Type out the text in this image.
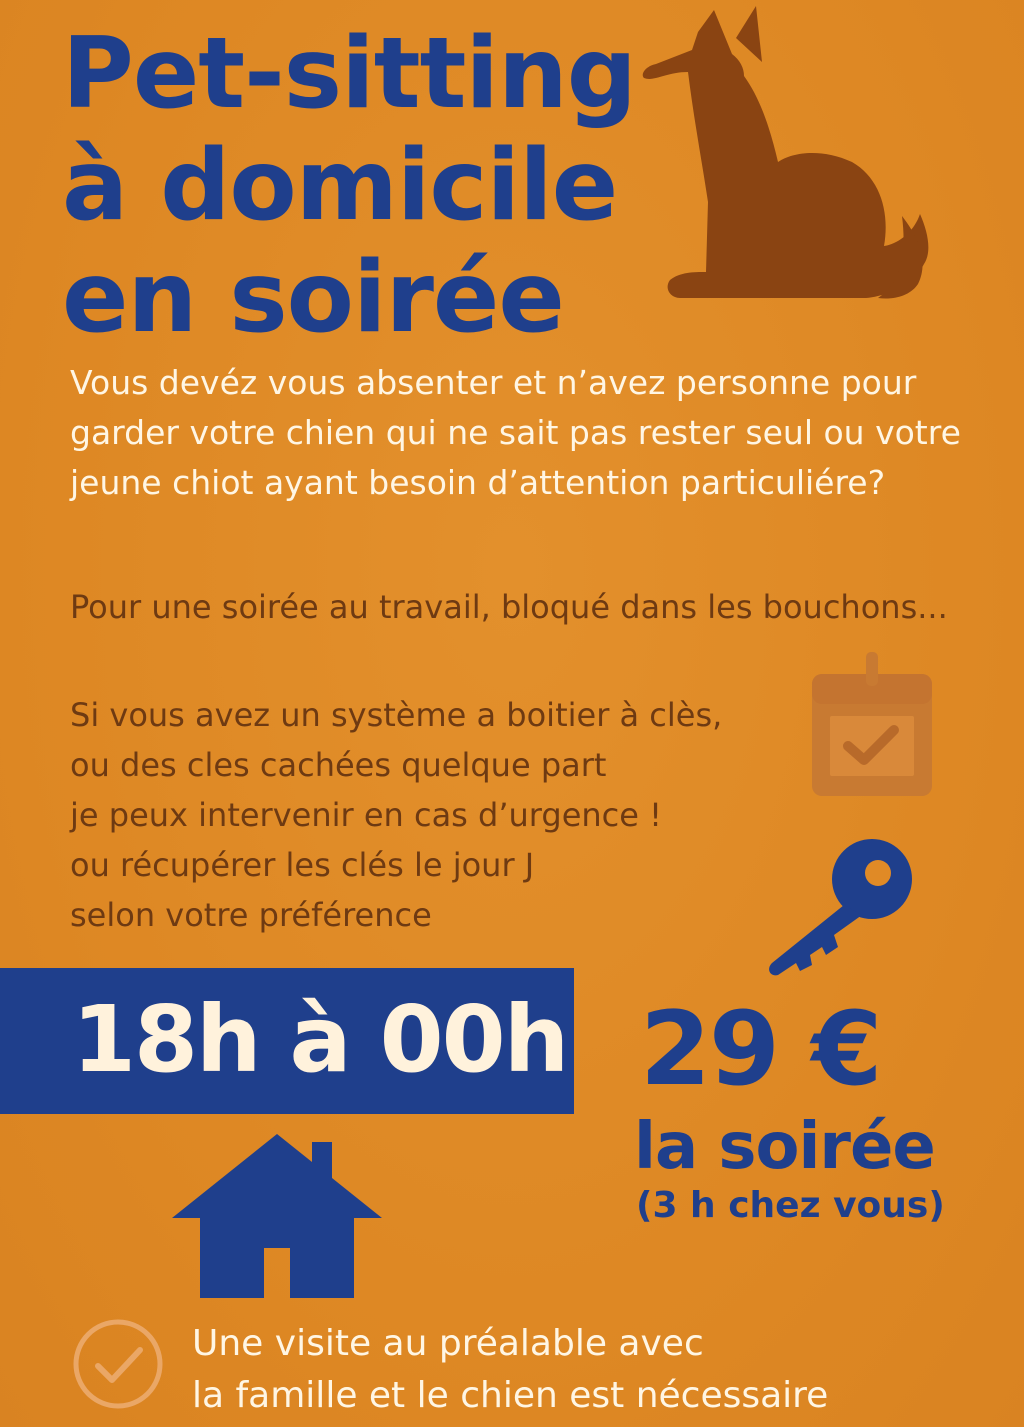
Pet-sitting
à domicile
en soirée

Vous devéz vous absenter et n’avez personne pour garder votre chien qui ne sait pas rester seul ou votre jeune chiot ayant besoin d’attention particuliére?

Pour une soirée au travail, bloqué dans les bouchons...

Si vous avez un système a boitier à clès,
ou des cles cachées quelque part
je peux intervenir en cas d’urgence !
ou récupérer les clés le jour J
selon votre préférence

18h à 00h 29 €

la soirée

(3 h chez vous)

Une visite au préalable avec
la famille et le chien est nécessaire
